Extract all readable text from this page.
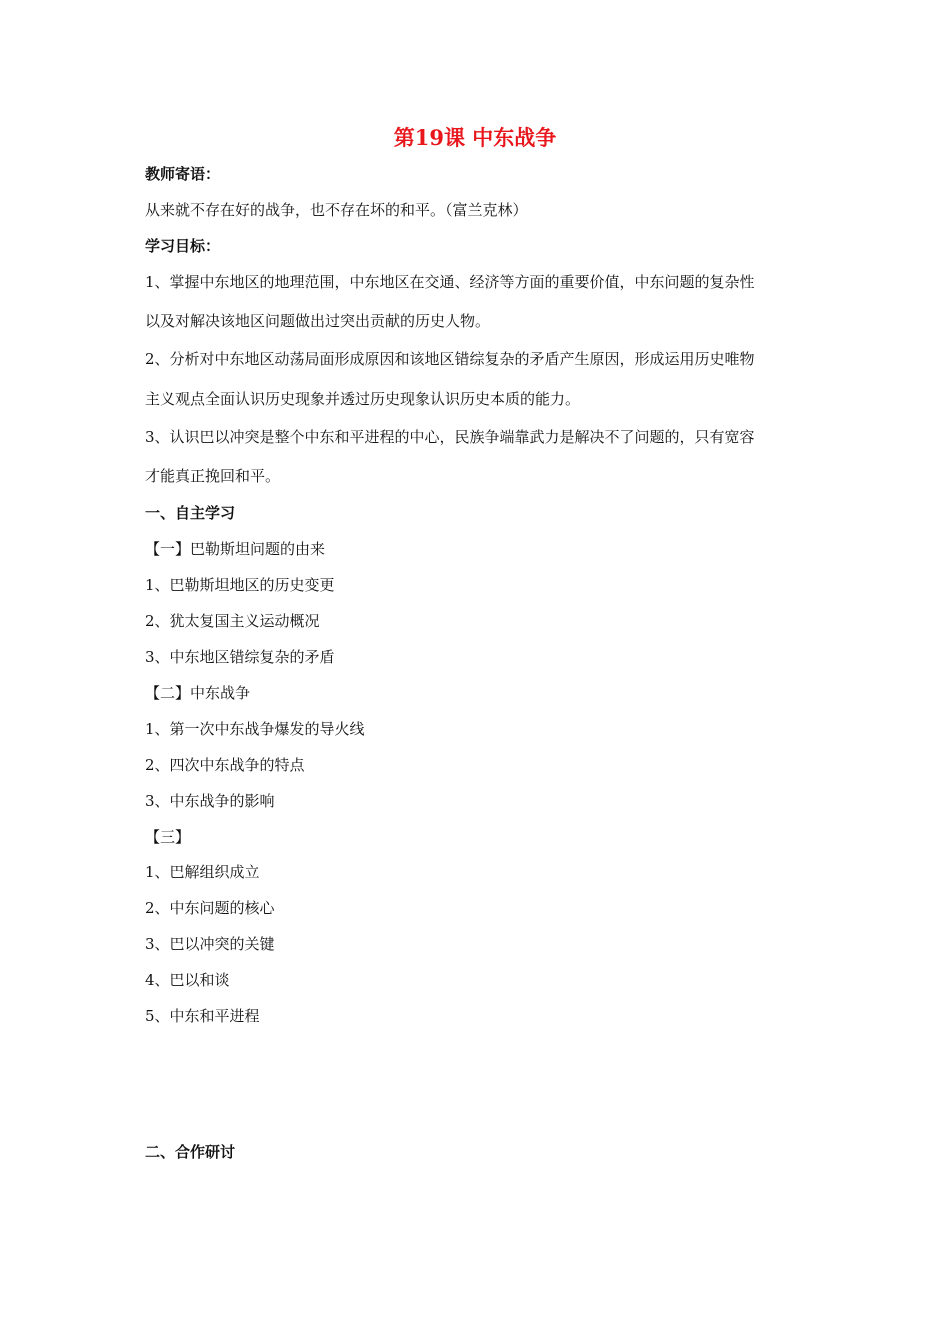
第19课 中东战争
教师寄语：
从来就不存在好的战争，也不存在坏的和平。（富兰克林）
学习目标：
1、掌握中东地区的地理范围，中东地区在交通、经济等方面的重要价值，中东问题的复杂性
以及对解决该地区问题做出过突出贡献的历史人物。
2、分析对中东地区动荡局面形成原因和该地区错综复杂的矛盾产生原因，形成运用历史唯物
主义观点全面认识历史现象并透过历史现象认识历史本质的能力。
3、认识巴以冲突是整个中东和平进程的中心，民族争端靠武力是解决不了问题的，只有宽容
才能真正挽回和平。
一、自主学习
【一】巴勒斯坦问题的由来
1、巴勒斯坦地区的历史变更
2、犹太复国主义运动概况
3、中东地区错综复杂的矛盾
【二】中东战争
1、第一次中东战争爆发的导火线
2、四次中东战争的特点
3、中东战争的影响
【三】
1、巴解组织成立
2、中东问题的核心
3、巴以冲突的关键
4、巴以和谈
5、中东和平进程
二、合作研讨
